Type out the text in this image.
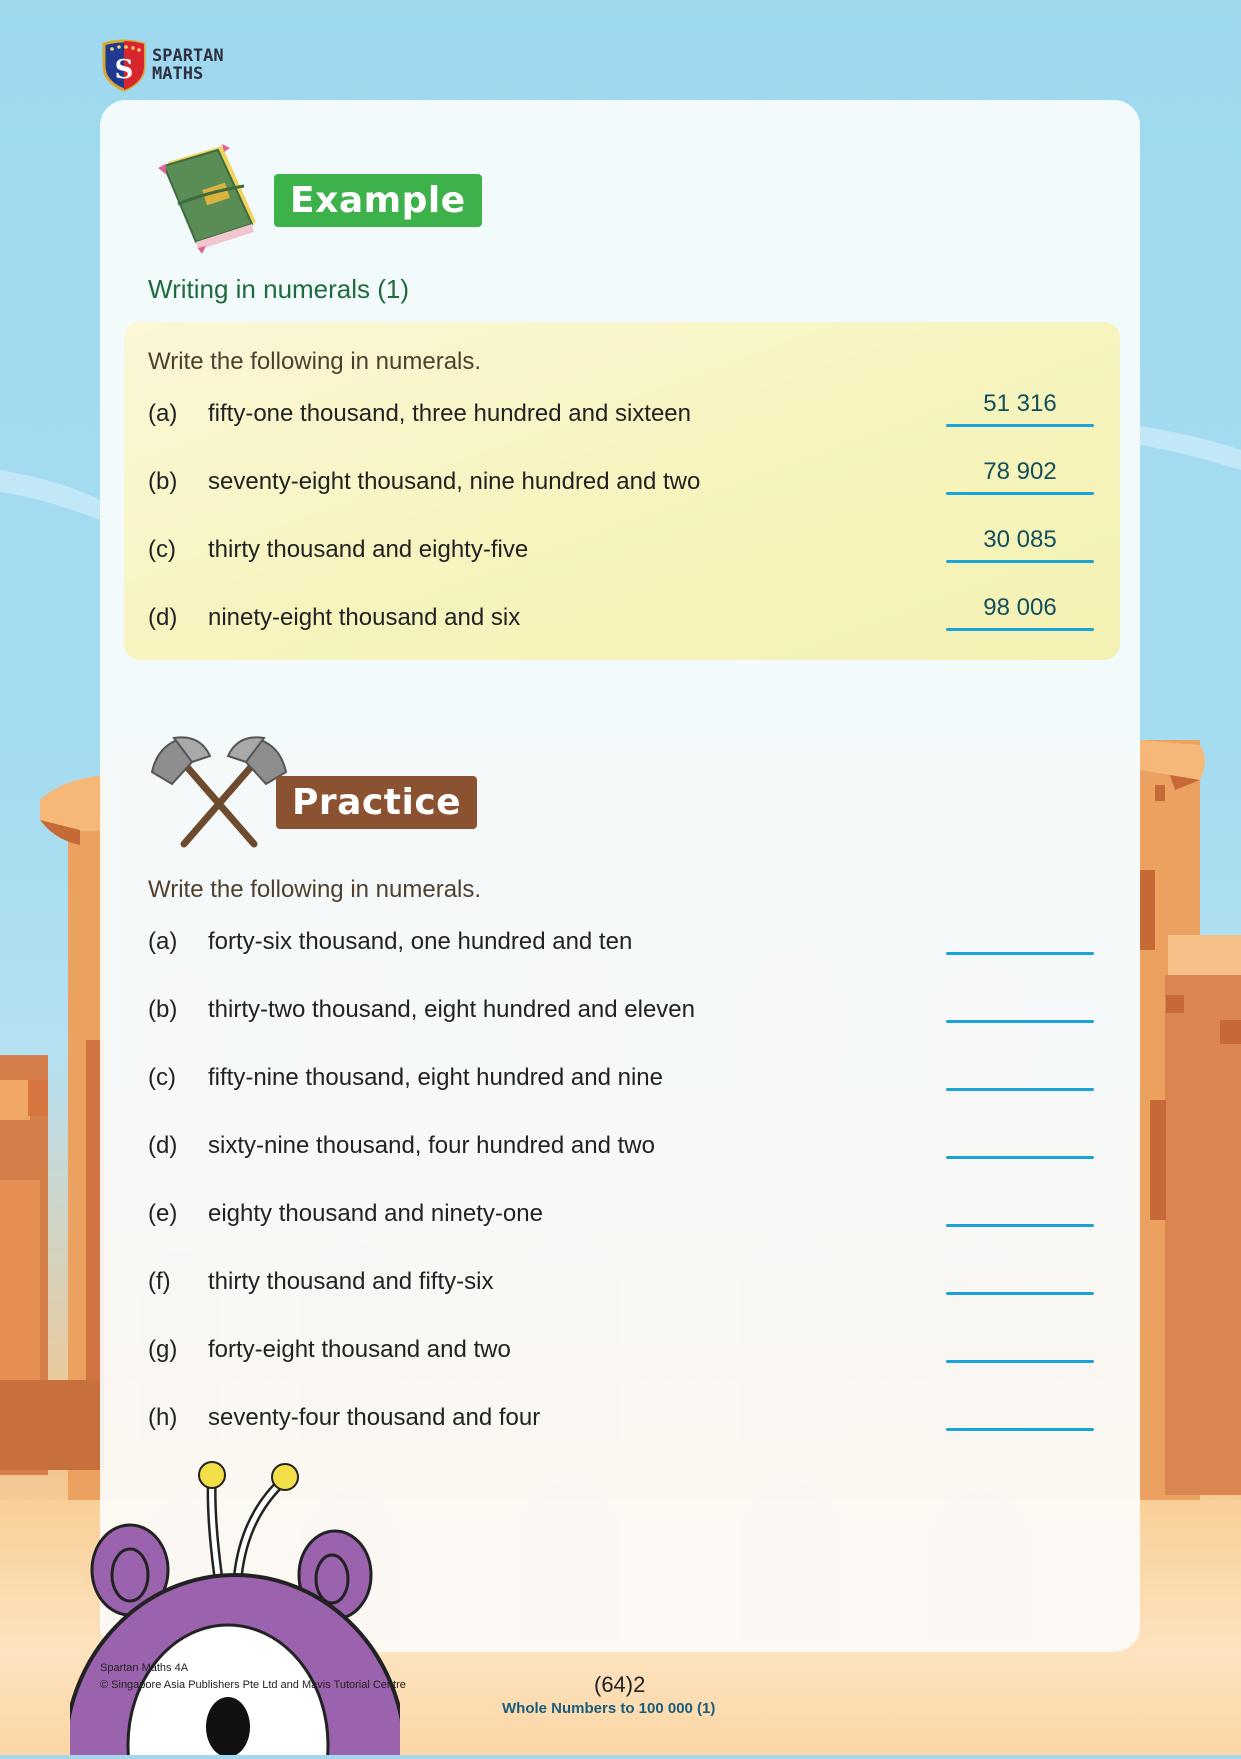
S SPARTAN
MATHS
Example
Writing in numerals (1)
Write the following in numerals.
(a) fifty-one thousand, three hundred and sixteen	51 316
(b) seventy-eight thousand, nine hundred and two	78 902
(c) thirty thousand and eighty-five	30 085
(d) ninety-eight thousand and six	98 006
Practice
Write the following in numerals.
(a) forty-six thousand, one hundred and ten
(b) thirty-two thousand, eight hundred and eleven
(c) fifty-nine thousand, eight hundred and nine
(d) sixty-nine thousand, four hundred and two
(e) eighty thousand and ninety-one
(f) thirty thousand and fifty-six
(g) forty-eight thousand and two
(h) seventy-four thousand and four
Spartan Maths 4A
© Singapore Asia Publishers Pte Ltd and Mavis Tutorial Centre	(64)2
Whole Numbers to 100 000 (1)
